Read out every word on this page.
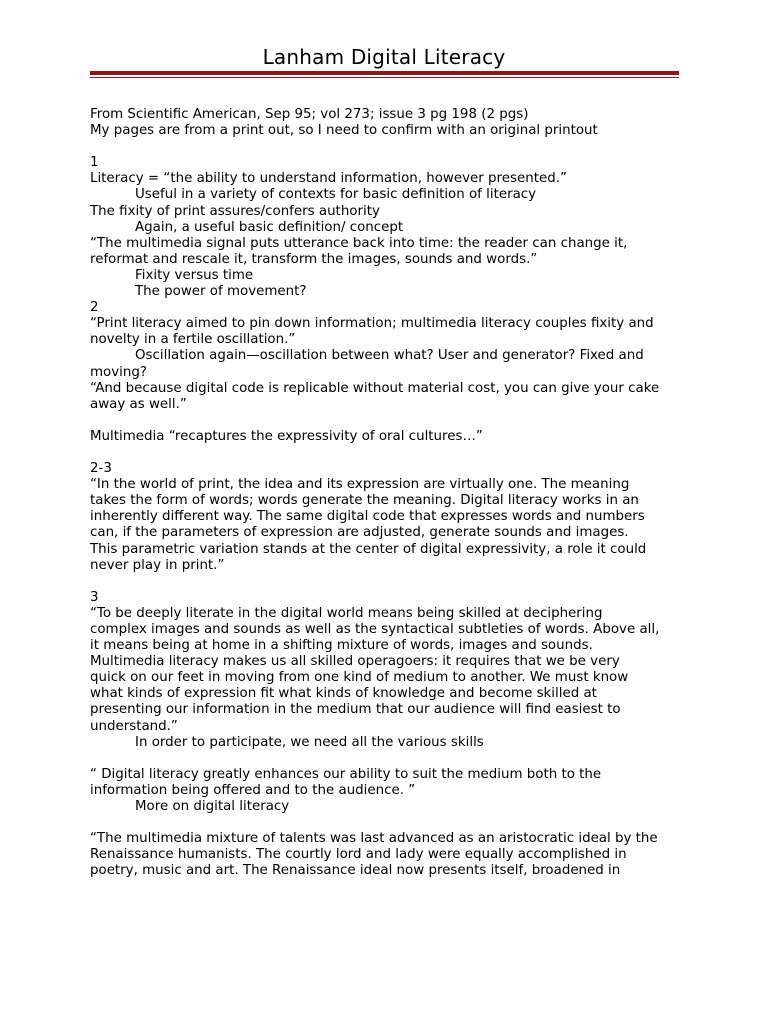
Lanham Digital Literacy
From Scientific American, Sep 95; vol 273; issue 3 pg 198 (2 pgs)
My pages are from a print out, so I need to confirm with an original printout
1
Literacy = “the ability to understand information, however presented.”
Useful in a variety of contexts for basic definition of literacy
The fixity of print assures/confers authority
Again, a useful basic definition/ concept
“The multimedia signal puts utterance back into time: the reader can change it,
reformat and rescale it, transform the images, sounds and words.”
Fixity versus time
The power of movement?
2
“Print literacy aimed to pin down information; multimedia literacy couples fixity and
novelty in a fertile oscillation.”
Oscillation again—oscillation between what? User and generator? Fixed and
moving?
“And because digital code is replicable without material cost, you can give your cake
away as well.”
Multimedia “recaptures the expressivity of oral cultures…”
2-3
“In the world of print, the idea and its expression are virtually one. The meaning
takes the form of words; words generate the meaning. Digital literacy works in an
inherently different way. The same digital code that expresses words and numbers
can, if the parameters of expression are adjusted, generate sounds and images.
This parametric variation stands at the center of digital expressivity, a role it could
never play in print.”
3
“To be deeply literate in the digital world means being skilled at deciphering
complex images and sounds as well as the syntactical subtleties of words. Above all,
it means being at home in a shifting mixture of words, images and sounds.
Multimedia literacy makes us all skilled operagoers: it requires that we be very
quick on our feet in moving from one kind of medium to another. We must know
what kinds of expression fit what kinds of knowledge and become skilled at
presenting our information in the medium that our audience will find easiest to
understand.”
In order to participate, we need all the various skills
“ Digital literacy greatly enhances our ability to suit the medium both to the
information being offered and to the audience. ”
More on digital literacy
“The multimedia mixture of talents was last advanced as an aristocratic ideal by the
Renaissance humanists. The courtly lord and lady were equally accomplished in
poetry, music and art. The Renaissance ideal now presents itself, broadened in
